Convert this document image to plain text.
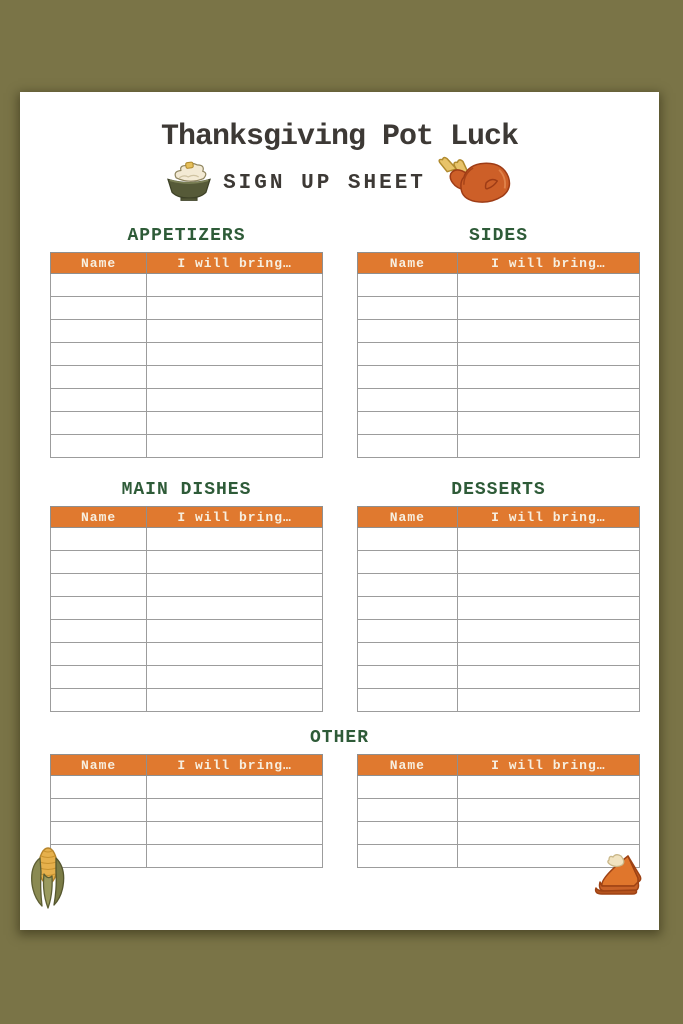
Thanksgiving Pot Luck
SIGN UP SHEET
APPETIZERS
Name	I will bring…

SIDES
Name	I will bring…

MAIN DISHES
Name	I will bring…

DESSERTS
Name	I will bring…

OTHER
Name	I will bring…

		Name	I will bring…
